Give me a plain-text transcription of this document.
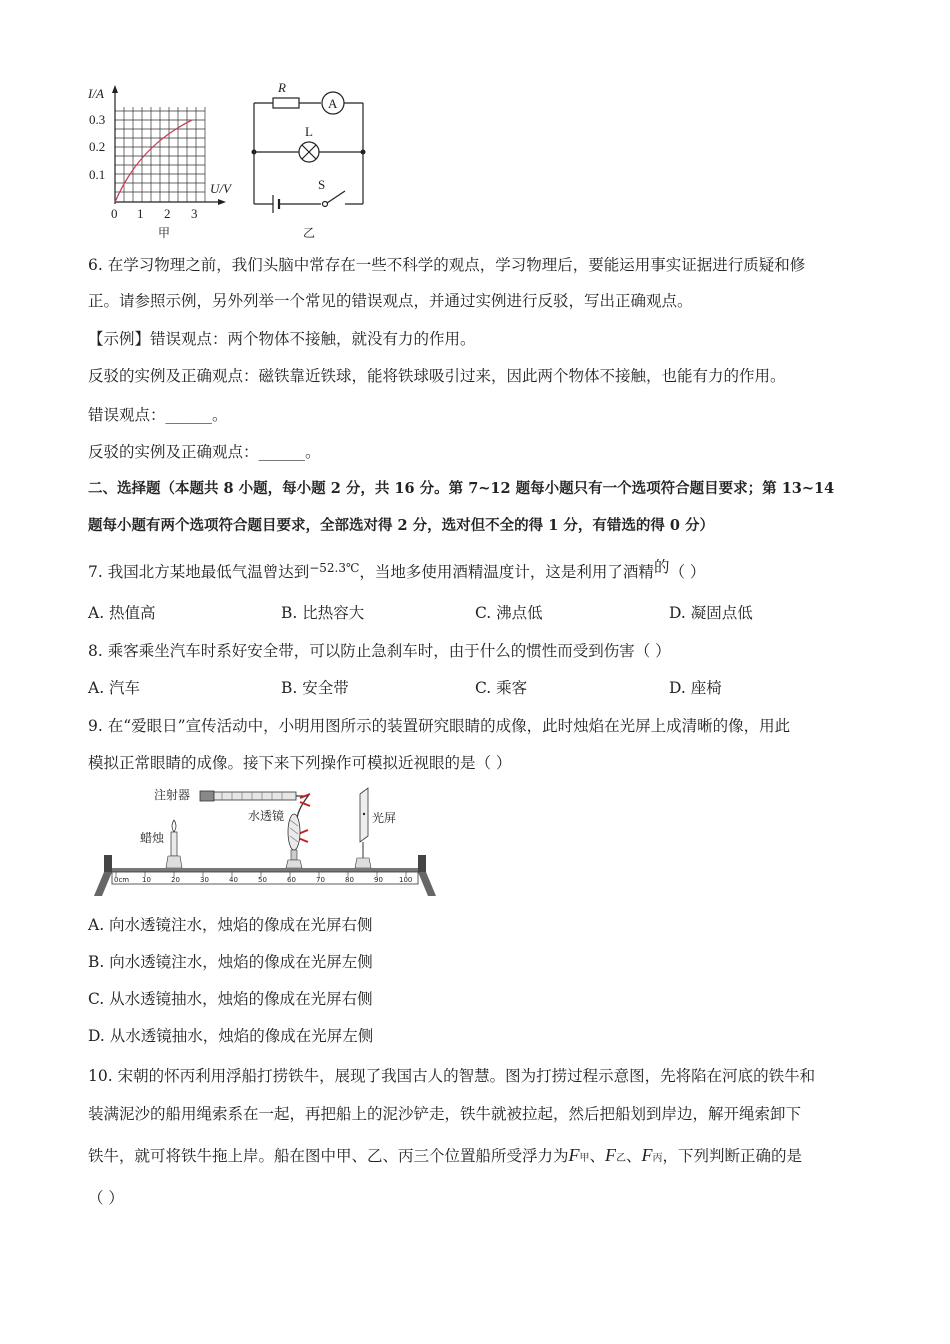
I/A
0.3
0.2
0.1
U/V
0 1 2 3
甲
R
A
L
S
乙
6. 在学习物理之前，我们头脑中常存在一些不科学的观点，学习物理后，要能运用事实证据进行质疑和修
正。请参照示例，另外列举一个常见的错误观点，并通过实例进行反驳，写出正确观点。
【示例】错误观点：两个物体不接触，就没有力的作用。
反驳的实例及正确观点：磁铁靠近铁球，能将铁球吸引过来，因此两个物体不接触，也能有力的作用。
错误观点：______。
反驳的实例及正确观点：______。
二、选择题（本题共 8 小题，每小题 2 分，共 16 分。第 7~12 题每小题只有一个选项符合题目要求；第 13~14
题每小题有两个选项符合题目要求，全部选对得 2 分，选对但不全的得 1 分，有错选的得 0 分）
7. 我国北方某地最低气温曾达到$^{-52.3℃}$，当地多使用酒精温度计，这是利用了酒精的（ ）
A. 热值高	B. 比热容大	C. 沸点低	D. 凝固点低
8. 乘客乘坐汽车时系好安全带，可以防止急刹车时，由于什么的惯性而受到伤害（ ）
A. 汽车	B. 安全带	C. 乘客	D. 座椅
9. 在“爱眼日”宣传活动中，小明用图所示的装置研究眼睛的成像，此时烛焰在光屏上成清晰的像，用此
模拟正常眼睛的成像。接下来下列操作可模拟近视眼的是（ ）
注射器
水透镜
蜡烛
光屏
0cm 10	20	30	40	50	60	70	80	90 100
A. 向水透镜注水，烛焰的像成在光屏右侧
B. 向水透镜注水，烛焰的像成在光屏左侧
C. 从水透镜抽水，烛焰的像成在光屏右侧
D. 从水透镜抽水，烛焰的像成在光屏左侧
10. 宋朝的怀丙利用浮船打捞铁牛，展现了我国古人的智慧。图为打捞过程示意图，先将陷在河底的铁牛和
装满泥沙的船用绳索系在一起，再把船上的泥沙铲走，铁牛就被拉起，然后把船划到岸边，解开绳索卸下
铁牛，就可将铁牛拖上岸。船在图中甲、乙、丙三个位置船所受浮力为F甲、F乙、F丙，下列判断正确的是
（ ）
